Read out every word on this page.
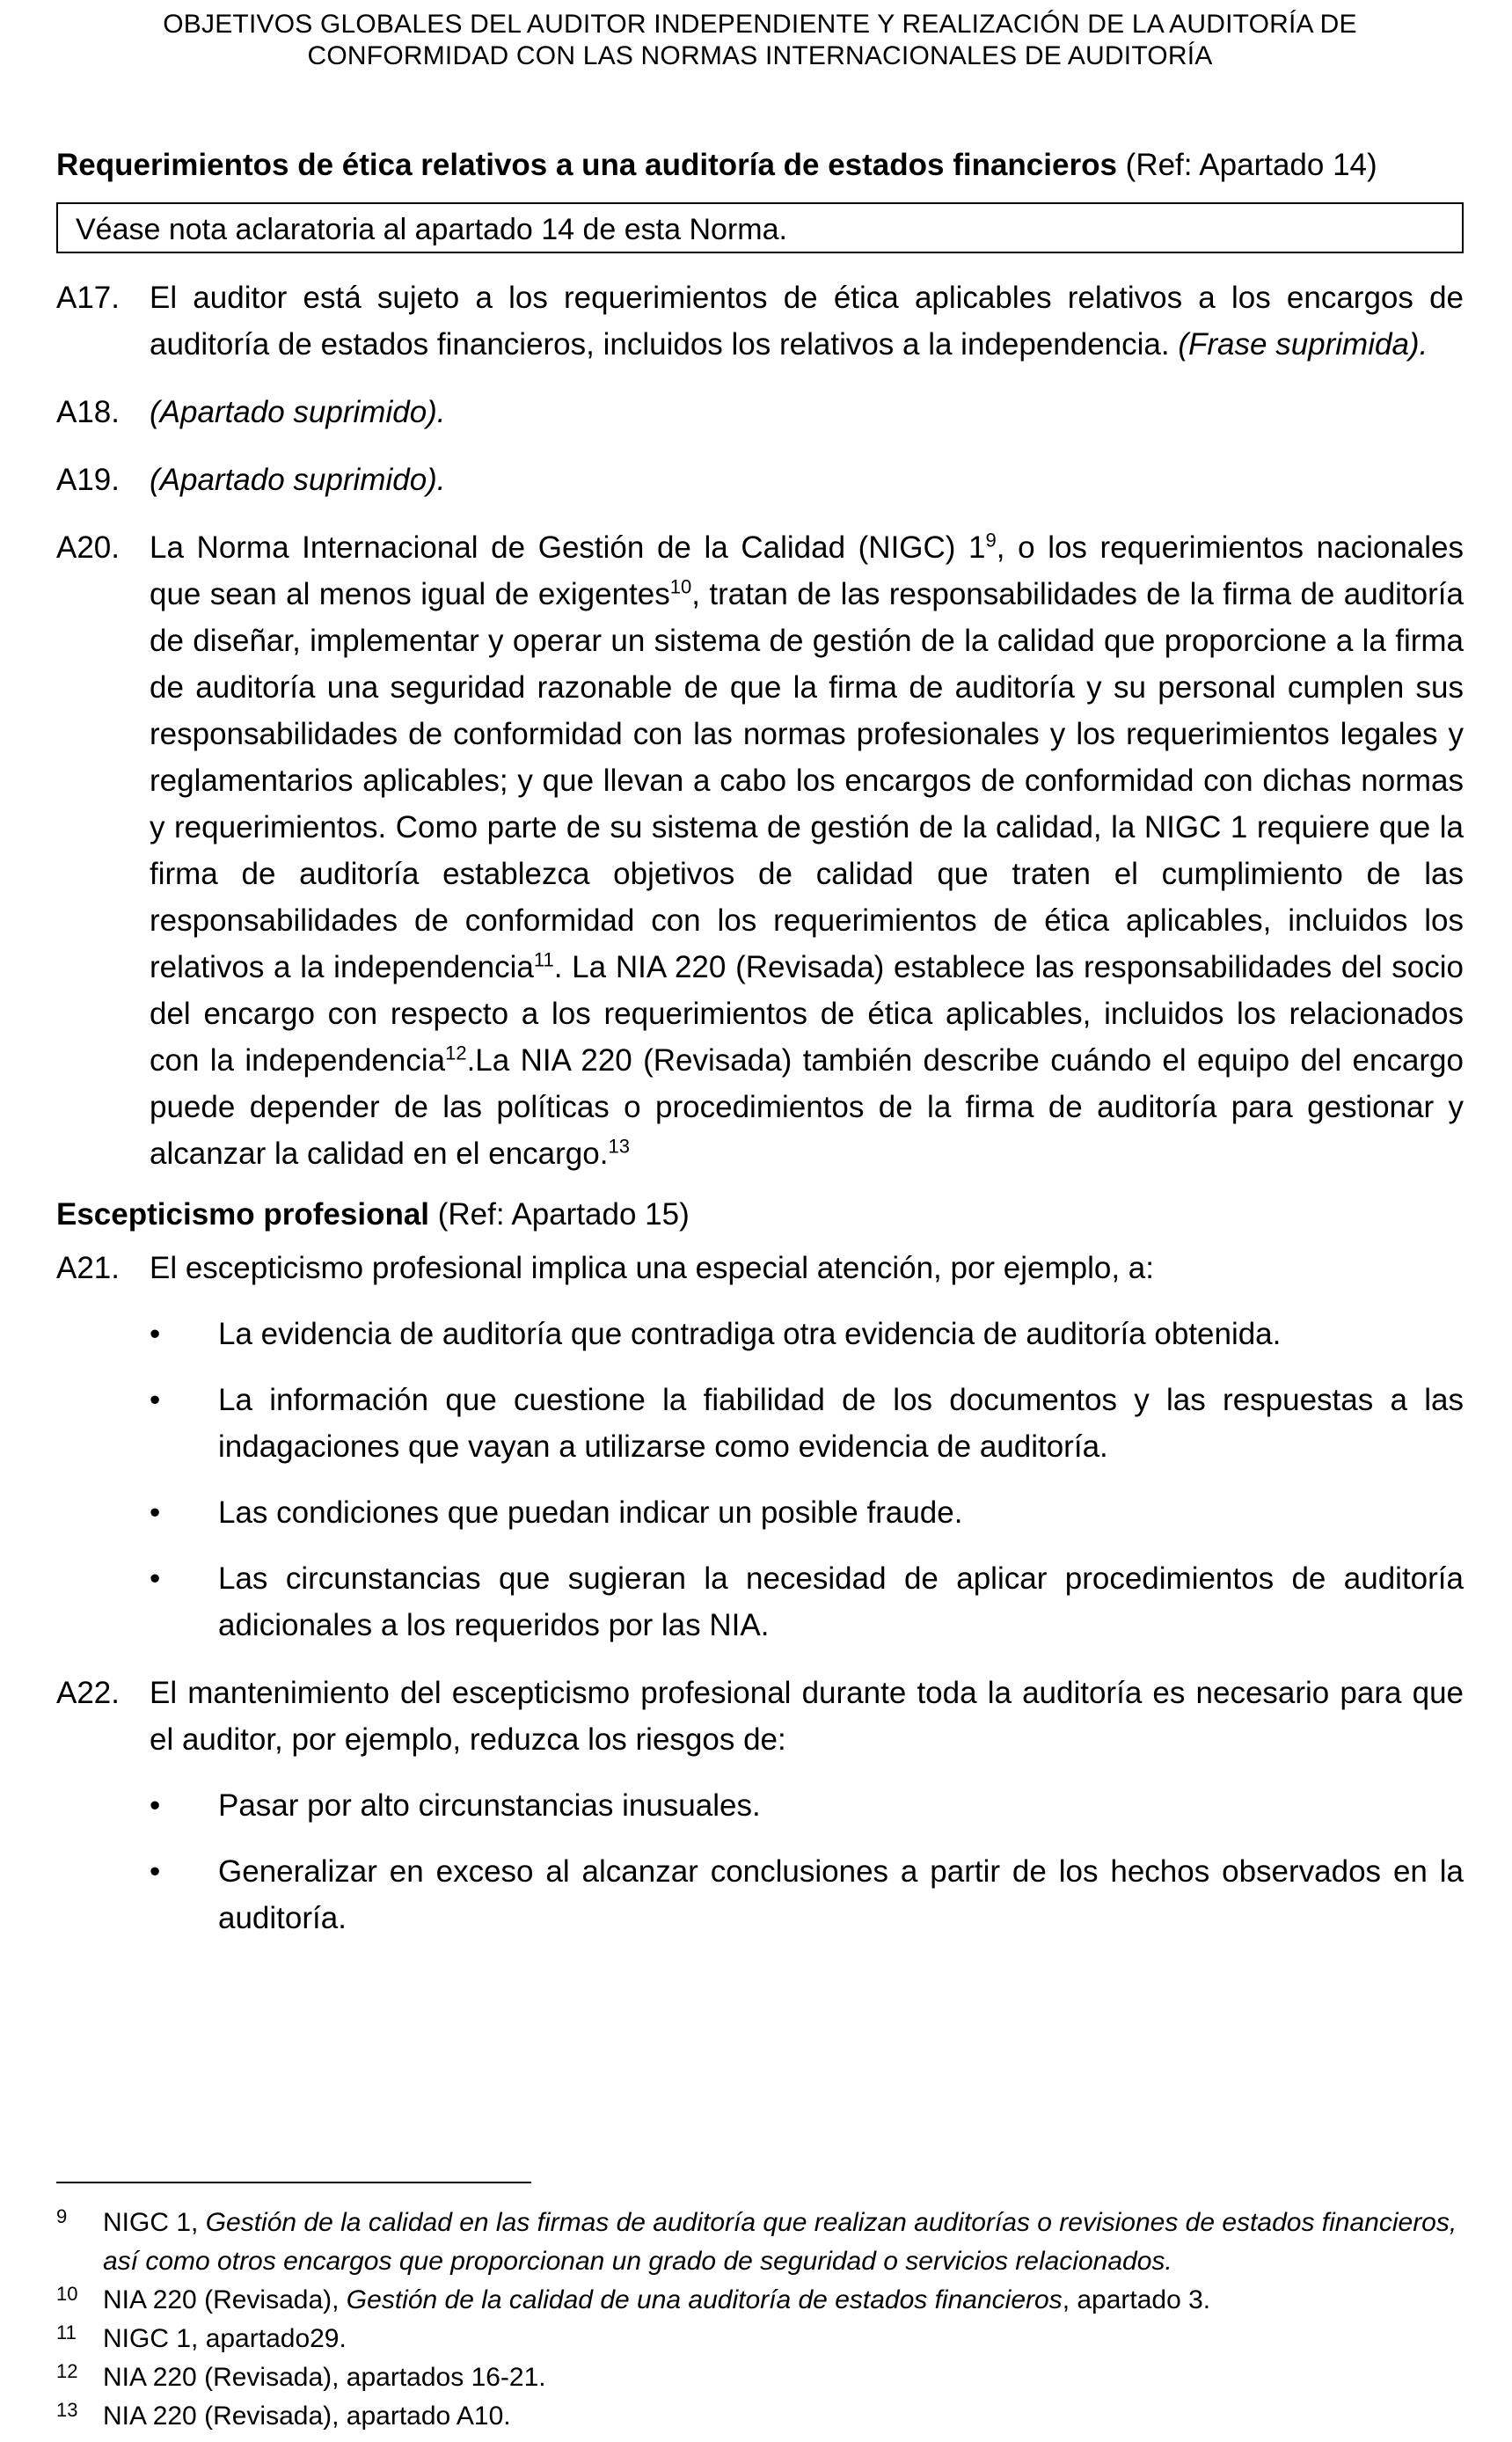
OBJETIVOS GLOBALES DEL AUDITOR INDEPENDIENTE Y REALIZACIÓN DE LA AUDITORÍA DE
CONFORMIDAD CON LAS NORMAS INTERNACIONALES DE AUDITORÍA
Requerimientos de ética relativos a una auditoría de estados financieros (Ref: Apartado 14)
Véase nota aclaratoria al apartado 14 de esta Norma.
A17. El auditor está sujeto a los requerimientos de ética aplicables relativos a los encargos de auditoría de estados financieros, incluidos los relativos a la independencia. (Frase suprimida).
A18. (Apartado suprimido).
A19. (Apartado suprimido).
A20. La Norma Internacional de Gestión de la Calidad (NIGC) $1^9$, o los requerimientos nacionales que sean al menos igual de exigentes$^{10}$, tratan de las responsabilidades de la firma de auditoría de diseñar, implementar y operar un sistema de gestión de la calidad que proporcione a la firma de auditoría una seguridad razonable de que la firma de auditoría y su personal cumplen sus responsabilidades de conformidad con las normas profesionales y los requerimientos legales y reglamentarios aplicables; y que llevan a cabo los encargos de conformidad con dichas normas y requerimientos. Como parte de su sistema de gestión de la calidad, la NIGC 1 requiere que la firma de auditoría establezca objetivos de calidad que traten el cumplimiento de las responsabilidades de conformidad con los requerimientos de ética aplicables, incluidos los relativos a la independencia$^{11}$. La NIA 220 (Revisada) establece las responsabilidades del socio del encargo con respecto a los requerimientos de ética aplicables, incluidos los relacionados con la independencia$^{12}$.La NIA 220 (Revisada) también describe cuándo el equipo del encargo puede depender de las políticas o procedimientos de la firma de auditoría para gestionar y alcanzar la calidad en el encargo.$^{13}$
Escepticismo profesional (Ref: Apartado 15)
A21. El escepticismo profesional implica una especial atención, por ejemplo, a:
•	La evidencia de auditoría que contradiga otra evidencia de auditoría obtenida.
•	La información que cuestione la fiabilidad de los documentos y las respuestas a las indagaciones que vayan a utilizarse como evidencia de auditoría.
•	Las condiciones que puedan indicar un posible fraude.
•	Las circunstancias que sugieran la necesidad de aplicar procedimientos de auditoría adicionales a los requeridos por las NIA.
A22. El mantenimiento del escepticismo profesional durante toda la auditoría es necesario para que el auditor, por ejemplo, reduzca los riesgos de:
•	Pasar por alto circunstancias inusuales.
•	Generalizar en exceso al alcanzar conclusiones a partir de los hechos observados en la auditoría.
9	NIGC 1, Gestión de la calidad en las firmas de auditoría que realizan auditorías o revisiones de estados financieros, así como otros encargos que proporcionan un grado de seguridad o servicios relacionados.
10 NIA 220 (Revisada), Gestión de la calidad de una auditoría de estados financieros, apartado 3.
11	NIGC 1, apartado29.
12 NIA 220 (Revisada), apartados 16-21.
13 NIA 220 (Revisada), apartado A10.
